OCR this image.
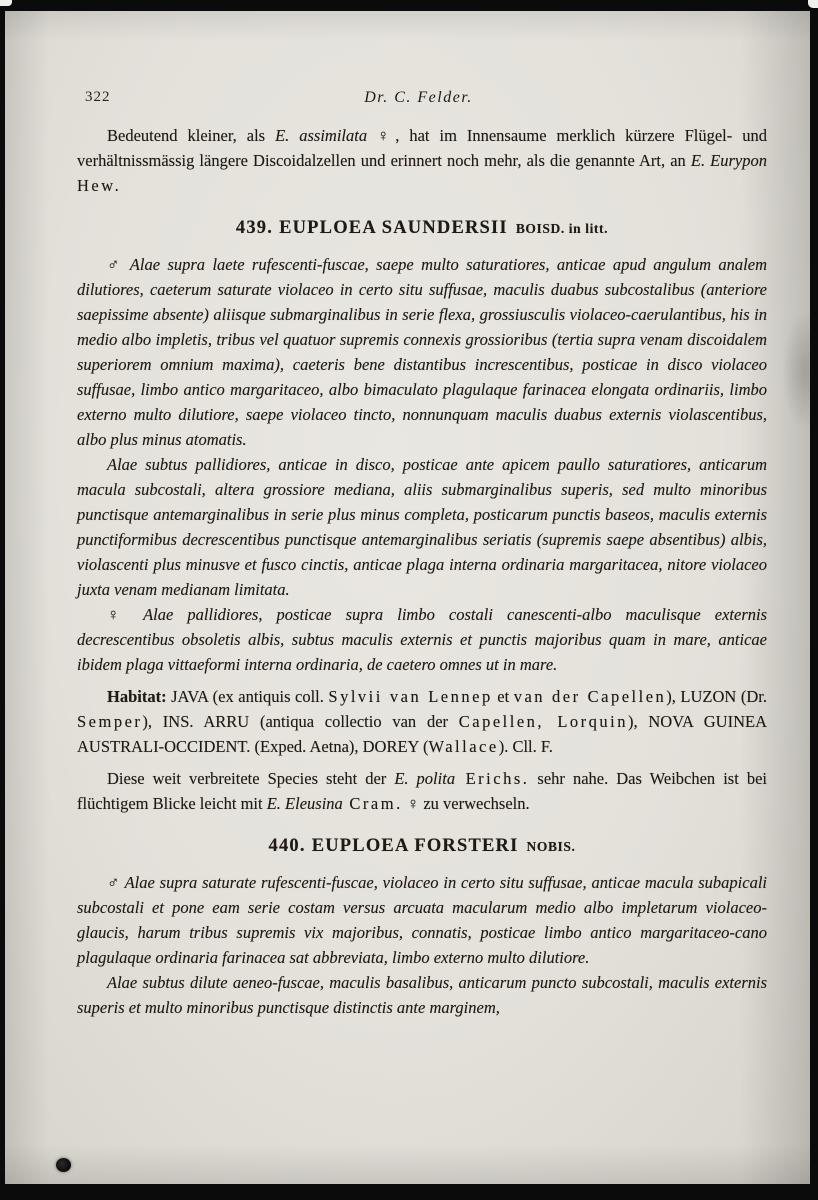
322	Dr. C. Felder.

Bedeutend kleiner, als E. assimilata ♀, hat im Innensaume merklich kürzere Flügel- und verhältnissmässig längere Discoidalzellen und erinnert noch mehr, als die genannte Art, an E. Eurypon Hew.

439. EUPLOEA SAUNDERSII BOISD. in litt.

♂ Alae supra laete rufescenti-fuscae, saepe multo saturatiores, anticae apud angulum analem dilutiores, caeterum saturate violaceo in certo situ suffusae, maculis duabus subcostalibus (anteriore saepissime absente) aliisque submarginalibus in serie flexa, grossiusculis violaceo-caerulantibus, his in medio albo impletis, tribus vel quatuor supremis connexis grossioribus (tertia supra venam discoidalem superiorem omnium maxima), caeteris bene distantibus increscentibus, posticae in disco violaceo suffusae, limbo antico margaritaceo, albo bimaculato plagulaque farinacea elongata ordinariis, limbo externo multo dilutiore, saepe violaceo tincto, nonnunquam maculis duabus externis violascentibus, albo plus minus atomatis.

Alae subtus pallidiores, anticae in disco, posticae ante apicem paullo saturatiores, anticarum macula subcostali, altera grossiore mediana, aliis submarginalibus superis, sed multo minoribus punctisque antemarginalibus in serie plus minus completa, posticarum punctis baseos, maculis externis punctiformibus decrescentibus punctisque antemarginalibus seriatis (supremis saepe absentibus) albis, violascenti plus minusve et fusco cinctis, anticae plaga interna ordinaria margaritacea, nitore violaceo juxta venam medianam limitata.

♀ Alae pallidiores, posticae supra limbo costali canescenti-albo maculisque externis decrescentibus obsoletis albis, subtus maculis externis et punctis majoribus quam in mare, anticae ibidem plaga vittaeformi interna ordinaria, de caetero omnes ut in mare.

Habitat: JAVA (ex antiquis coll. Sylvii van Lennep et van der Capellen), LUZON (Dr. Semper), INS. ARRU (antiqua collectio van der Capellen, Lorquin), NOVA GUINEA AUSTRALI-OCCIDENT. (Exped. Aetna), DOREY (Wallace). Cll. F.

Diese weit verbreitete Species steht der E. polita Erichs. sehr nahe. Das Weibchen ist bei flüchtigem Blicke leicht mit E. Eleusina Cram. ♀ zu verwechseln.

440. EUPLOEA FORSTERI NOBIS.

♂ Alae supra saturate rufescenti-fuscae, violaceo in certo situ suffusae, anticae macula subapicali subcostali et pone eam serie costam versus arcuata macularum medio albo impletarum violaceo-glaucis, harum tribus supremis vix majoribus, connatis, posticae limbo antico margaritaceo-cano plagulaque ordinaria farinacea sat abbreviata, limbo externo multo dilutiore.

Alae subtus dilute aeneo-fuscae, maculis basalibus, anticarum puncto subcostali, maculis externis superis et multo minoribus punctisque distinctis ante marginem,
